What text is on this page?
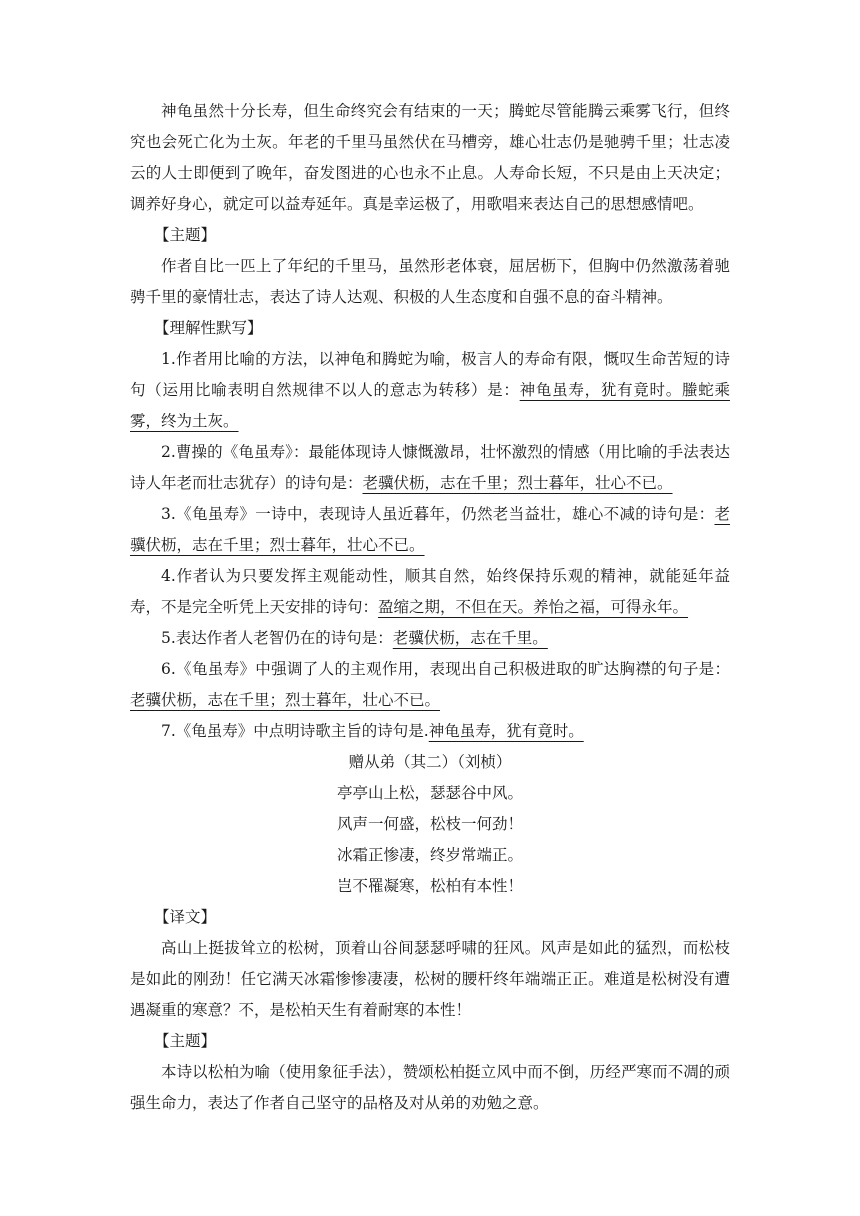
神龟虽然十分长寿，但生命终究会有结束的一天；腾蛇尽管能腾云乘雾飞行，但终究也会死亡化为土灰。年老的千里马虽然伏在马槽旁，雄心壮志仍是驰骋千里；壮志凌云的人士即便到了晚年，奋发图进的心也永不止息。人寿命长短，不只是由上天决定；调养好身心，就定可以益寿延年。真是幸运极了，用歌唱来表达自己的思想感情吧。

【主题】

作者自比一匹上了年纪的千里马，虽然形老体衰，屈居枥下，但胸中仍然激荡着驰骋千里的豪情壮志，表达了诗人达观、积极的人生态度和自强不息的奋斗精神。

【理解性默写】

1.作者用比喻的方法，以神龟和腾蛇为喻，极言人的寿命有限，慨叹生命苦短的诗句（运用比喻表明自然规律不以人的意志为转移）是：神龟虽寿，犹有竟时。螣蛇乘雾，终为土灰。

2.曹操的《龟虽寿》：最能体现诗人慷慨激昂，壮怀激烈的情感（用比喻的手法表达诗人年老而壮志犹存）的诗句是：老骥伏枥，志在千里；烈士暮年，壮心不已。

3.《龟虽寿》一诗中，表现诗人虽近暮年，仍然老当益壮，雄心不减的诗句是：老骥伏枥，志在千里；烈士暮年，壮心不已。

4.作者认为只要发挥主观能动性，顺其自然，始终保持乐观的精神，就能延年益寿，不是完全听凭上天安排的诗句：盈缩之期，不但在天。养怡之福，可得永年。

5.表达作者人老智仍在的诗句是：老骥伏枥，志在千里。

6.《龟虽寿》中强调了人的主观作用，表现出自己积极进取的旷达胸襟的句子是：老骥伏枥，志在千里；烈士暮年，壮心不已。

7.《龟虽寿》中点明诗歌主旨的诗句是.神龟虽寿，犹有竟时。

赠从弟（其二）（刘桢）

亭亭山上松，瑟瑟谷中风。

风声一何盛，松枝一何劲！

冰霜正惨凄，终岁常端正。

岂不罹凝寒，松柏有本性！

【译文】

高山上挺拔耸立的松树，顶着山谷间瑟瑟呼啸的狂风。风声是如此的猛烈，而松枝是如此的刚劲！任它满天冰霜惨惨凄凄，松树的腰杆终年端端正正。难道是松树没有遭遇凝重的寒意？不，是松柏天生有着耐寒的本性！

【主题】

本诗以松柏为喻（使用象征手法），赞颂松柏挺立风中而不倒，历经严寒而不凋的顽强生命力，表达了作者自己坚守的品格及对从弟的劝勉之意。
